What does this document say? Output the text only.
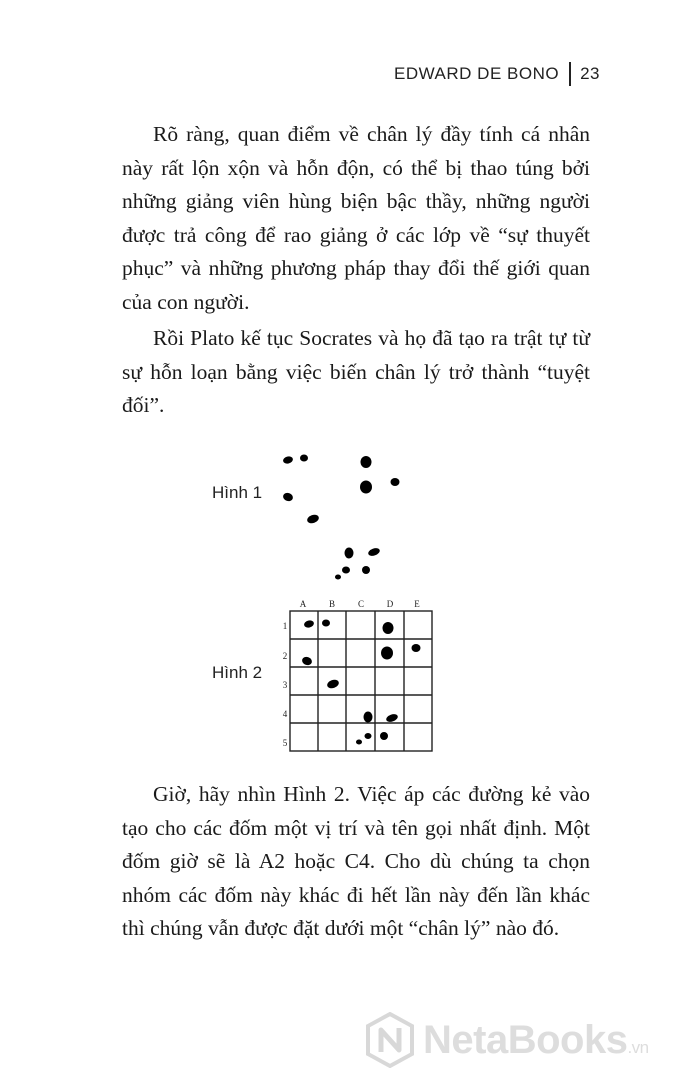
EDWARD DE BONO 23

Rõ ràng, quan điểm về chân lý đầy tính cá nhân này rất lộn xộn và hỗn độn, có thể bị thao túng bởi những giảng viên hùng biện bậc thầy, những người được trả công để rao giảng ở các lớp về “sự thuyết phục” và những phương pháp thay đổi thế giới quan của con người.

Rồi Plato kế tục Socrates và họ đã tạo ra trật tự từ sự hỗn loạn bằng việc biến chân lý trở thành “tuyệt đối”.

Hình 1
Hình 2
A	B	C	D E
1
2
3
4
5

Giờ, hãy nhìn Hình 2. Việc áp các đường kẻ vào tạo cho các đốm một vị trí và tên gọi nhất định. Một đốm giờ sẽ là A2 hoặc C4. Cho dù chúng ta chọn nhóm các đốm này khác đi hết lần này đến lần khác thì chúng vẫn được đặt dưới một “chân lý” nào đó.

NetaBooks.vn
